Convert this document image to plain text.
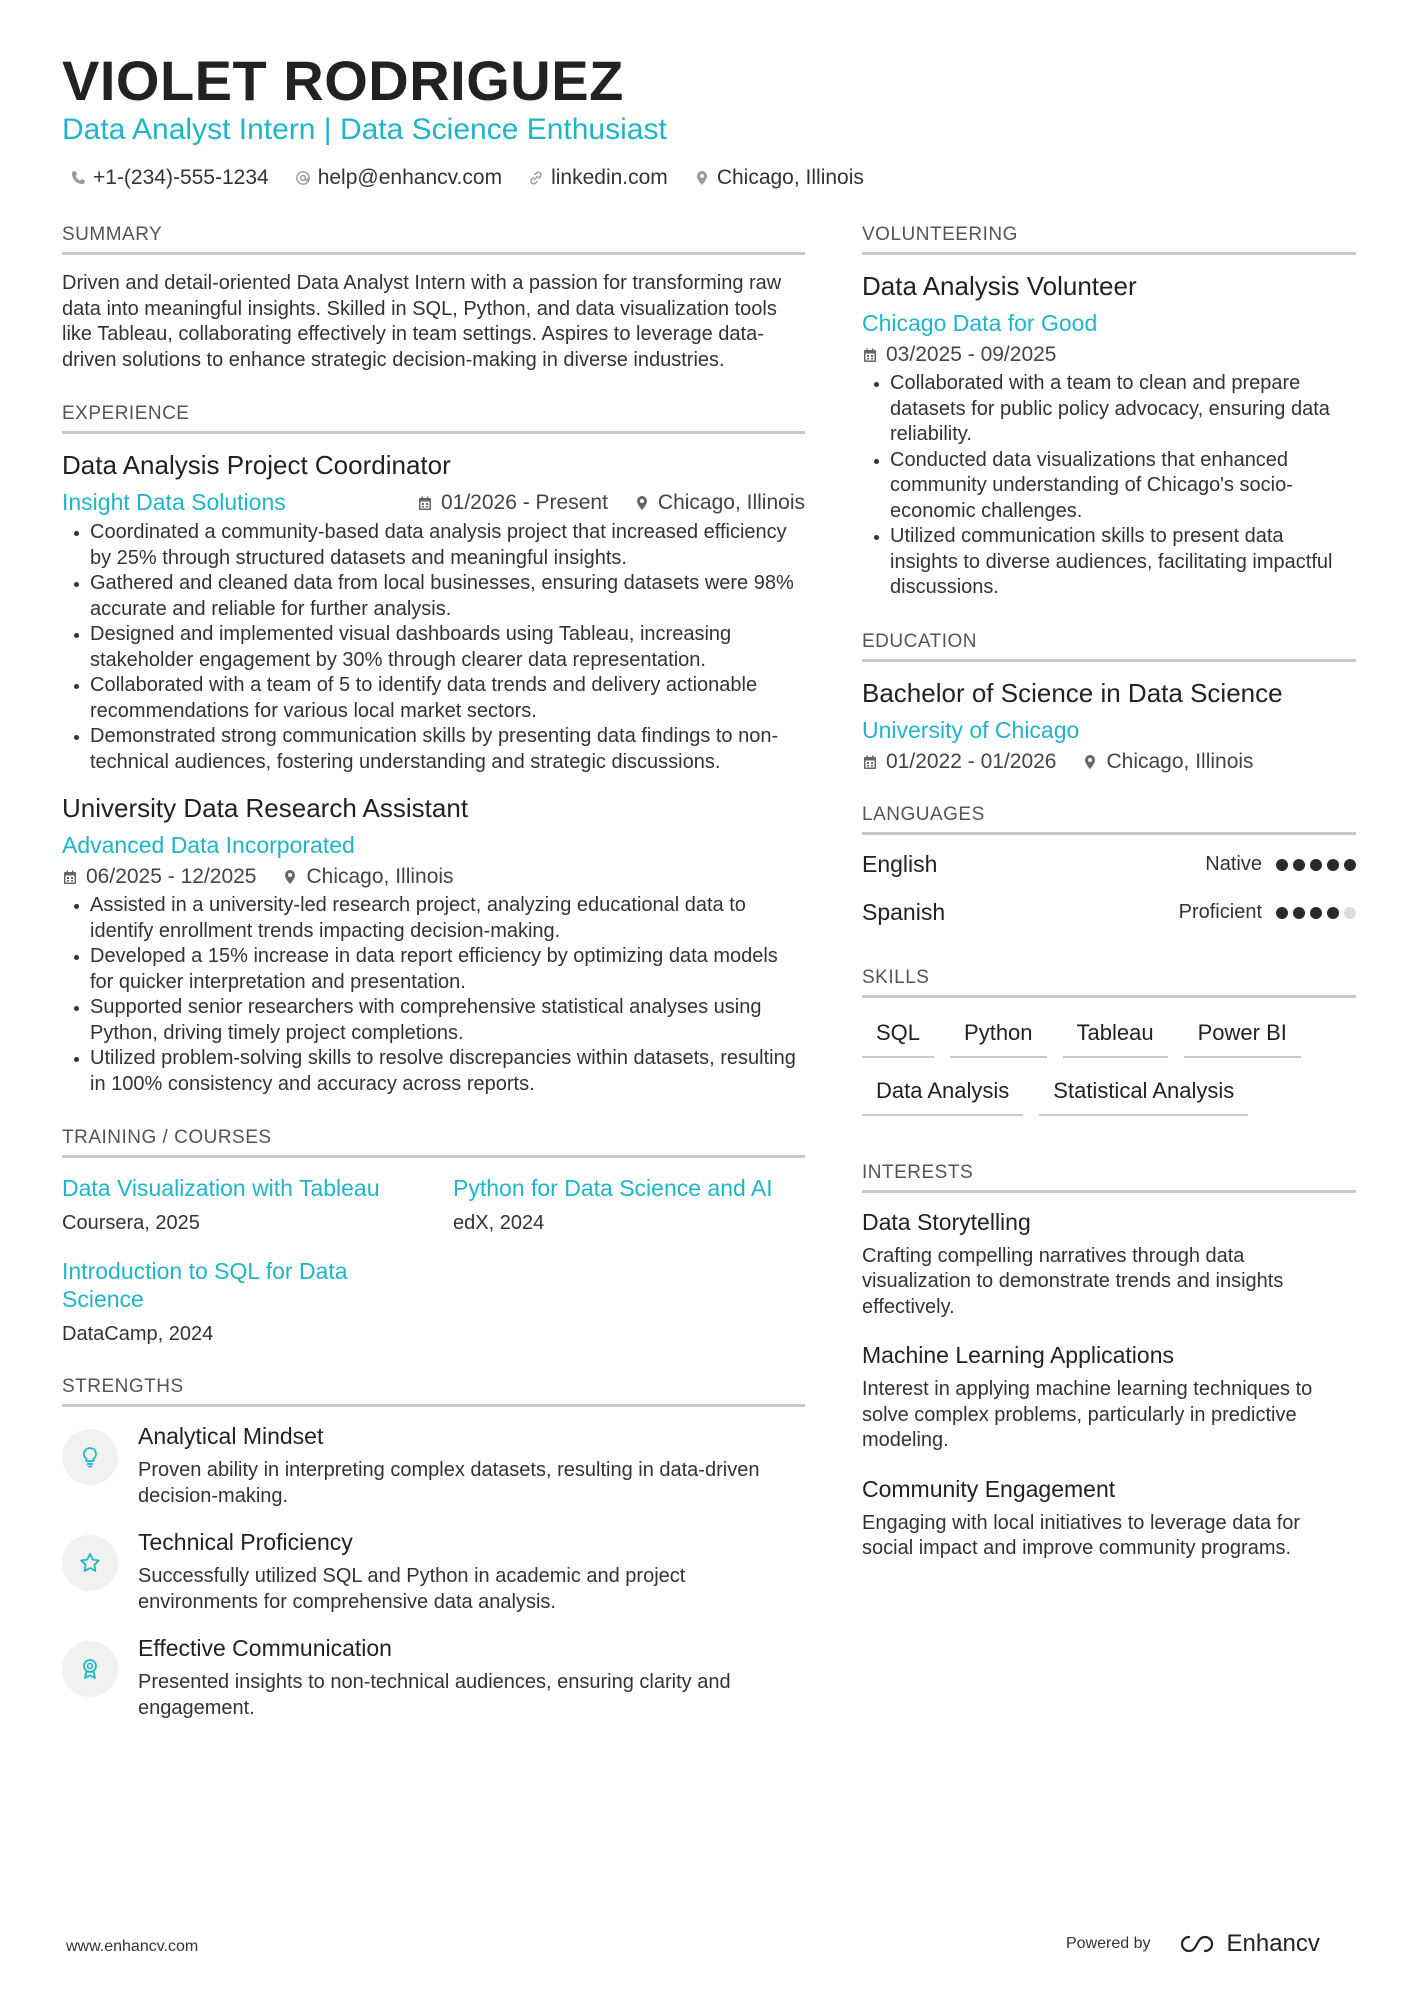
VIOLET RODRIGUEZ
Data Analyst Intern | Data Science Enthusiast
+1-(234)-555-1234 help@enhancv.com linkedin.com Chicago, Illinois
SUMMARY
Driven and detail-oriented Data Analyst Intern with a passion for transforming raw data into meaningful insights. Skilled in SQL, Python, and data visualization tools like Tableau, collaborating effectively in team settings. Aspires to leverage data-driven solutions to enhance strategic decision-making in diverse industries.
EXPERIENCE
Data Analysis Project Coordinator
Insight Data Solutions	01/2026 - Present Chicago, Illinois
Coordinated a community-based data analysis project that increased efficiency by 25% through structured datasets and meaningful insights.
Gathered and cleaned data from local businesses, ensuring datasets were 98% accurate and reliable for further analysis.
Designed and implemented visual dashboards using Tableau, increasing stakeholder engagement by 30% through clearer data representation.
Collaborated with a team of 5 to identify data trends and delivery actionable recommendations for various local market sectors.
Demonstrated strong communication skills by presenting data findings to non-technical audiences, fostering understanding and strategic discussions.
University Data Research Assistant
Advanced Data Incorporated
06/2025 - 12/2025 Chicago, Illinois
Assisted in a university-led research project, analyzing educational data to identify enrollment trends impacting decision-making.
Developed a 15% increase in data report efficiency by optimizing data models for quicker interpretation and presentation.
Supported senior researchers with comprehensive statistical analyses using Python, driving timely project completions.
Utilized problem-solving skills to resolve discrepancies within datasets, resulting in 100% consistency and accuracy across reports.
TRAINING / COURSES
Data Visualization with Tableau
Coursera, 2025
Python for Data Science and AI
edX, 2024
Introduction to SQL for Data Science
DataCamp, 2024
STRENGTHS
Analytical Mindset
Proven ability in interpreting complex datasets, resulting in data-driven decision-making.
Technical Proficiency
Successfully utilized SQL and Python in academic and project environments for comprehensive data analysis.
Effective Communication
Presented insights to non-technical audiences, ensuring clarity and engagement.
VOLUNTEERING
Data Analysis Volunteer
Chicago Data for Good
03/2025 - 09/2025
Collaborated with a team to clean and prepare datasets for public policy advocacy, ensuring data reliability.
Conducted data visualizations that enhanced community understanding of Chicago's socio-economic challenges.
Utilized communication skills to present data insights to diverse audiences, facilitating impactful discussions.
EDUCATION
Bachelor of Science in Data Science
University of Chicago
01/2022 - 01/2026 Chicago, Illinois
LANGUAGES
English	Native
Spanish	Proficient
SKILLS
SQL	Python	Tableau	Power BI
Data Analysis	Statistical Analysis
INTERESTS
Data Storytelling
Crafting compelling narratives through data visualization to demonstrate trends and insights effectively.
Machine Learning Applications
Interest in applying machine learning techniques to solve complex problems, particularly in predictive modeling.
Community Engagement
Engaging with local initiatives to leverage data for social impact and improve community programs.
www.enhancv.com	Powered by	Enhancv
